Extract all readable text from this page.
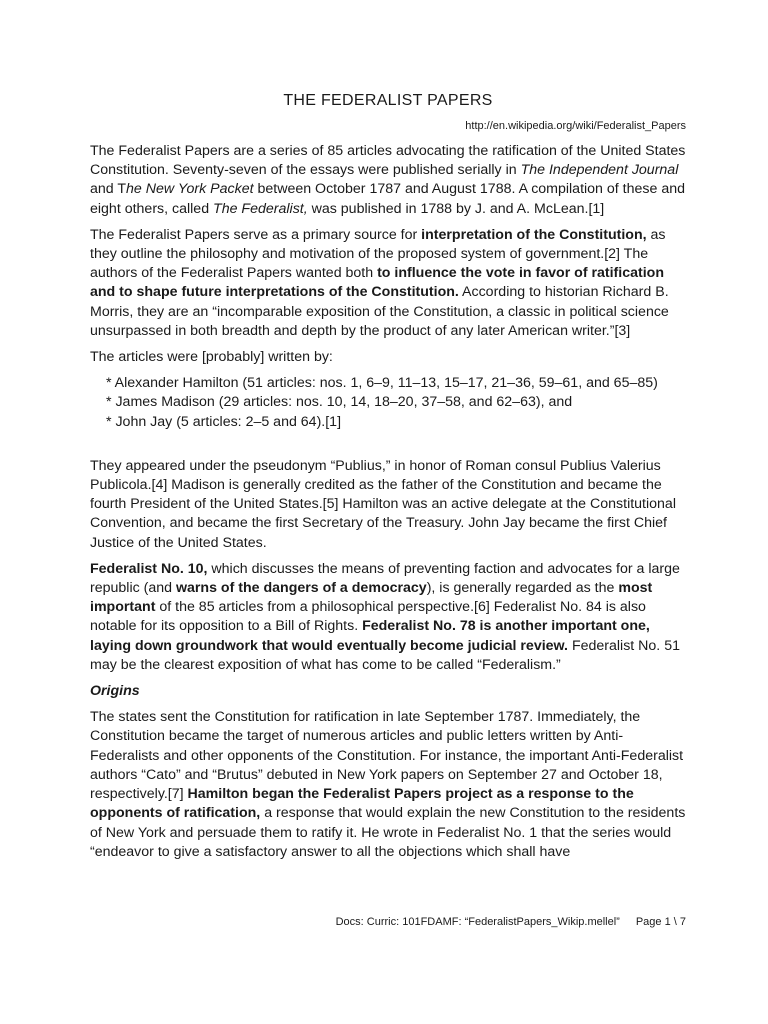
THE FEDERALIST PAPERS
http://en.wikipedia.org/wiki/Federalist_Papers

The Federalist Papers are a series of 85 articles advocating the ratification of the United States Constitution. Seventy-seven of the essays were published serially in The Independent Journal and The New York Packet between October 1787 and August 1788. A compilation of these and eight others, called The Federalist, was published in 1788 by J. and A. McLean.[1]

The Federalist Papers serve as a primary source for interpretation of the Constitution, as they outline the philosophy and motivation of the proposed system of government.[2] The authors of the Federalist Papers wanted both to influence the vote in favor of ratification and to shape future interpretations of the Constitution. According to historian Richard B. Morris, they are an “incomparable exposition of the Constitution, a classic in political science unsurpassed in both breadth and depth by the product of any later American writer.”[3]

The articles were [probably] written by:

* Alexander Hamilton (51 articles: nos. 1, 6–9, 11–13, 15–17, 21–36, 59–61, and 65–85)
* James Madison (29 articles: nos. 10, 14, 18–20, 37–58, and 62–63), and
* John Jay (5 articles: 2–5 and 64).[1]

They appeared under the pseudonym “Publius,” in honor of Roman consul Publius Valerius Publicola.[4] Madison is generally credited as the father of the Constitution and became the fourth President of the United States.[5] Hamilton was an active delegate at the Constitutional Convention, and became the first Secretary of the Treasury. John Jay became the first Chief Justice of the United States.

Federalist No. 10, which discusses the means of preventing faction and advocates for a large republic (and warns of the dangers of a democracy), is generally regarded as the most important of the 85 articles from a philosophical perspective.[6] Federalist No. 84 is also notable for its opposition to a Bill of Rights. Federalist No. 78 is another important one, laying down groundwork that would eventually become judicial review. Federalist No. 51 may be the clearest exposition of what has come to be called “Federalism.”

Origins

The states sent the Constitution for ratification in late September 1787. Immediately, the Constitution became the target of numerous articles and public letters written by Anti-Federalists and other opponents of the Constitution. For instance, the important Anti-Federalist authors “Cato” and “Brutus” debuted in New York papers on September 27 and October 18, respectively.[7] Hamilton began the Federalist Papers project as a response to the opponents of ratification, a response that would explain the new Constitution to the residents of New York and persuade them to ratify it. He wrote in Federalist No. 1 that the series would “endeavor to give a satisfactory answer to all the objections which shall have

Docs: Curric: 101FDAMF: “FederalistPapers_Wikip.mellel” Page 1 \ 7
